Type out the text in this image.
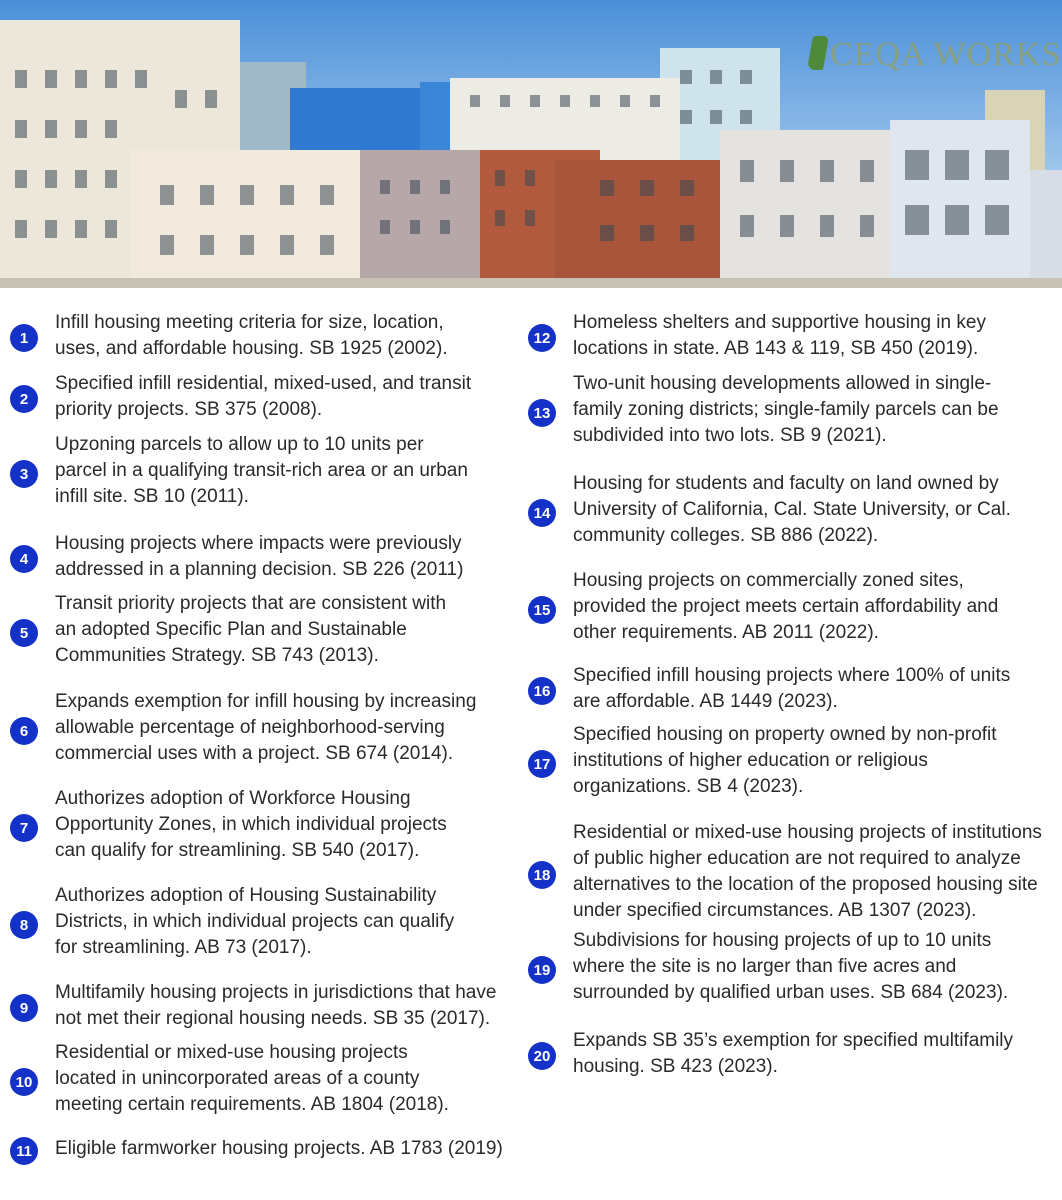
CEQA WORKS
1
Infill housing meeting criteria for size, location,
uses, and affordable housing. SB 1925 (2002).
2
Specified infill residential, mixed-used, and transit
priority projects. SB 375 (2008).
3
Upzoning parcels to allow up to 10 units per
parcel in a qualifying transit-rich area or an urban
infill site. SB 10 (2011).
4
Housing projects where impacts were previously
addressed in a planning decision. SB 226 (2011)
5
Transit priority projects that are consistent with
an adopted Specific Plan and Sustainable
Communities Strategy. SB 743 (2013).
6
Expands exemption for infill housing by increasing
allowable percentage of neighborhood-serving
commercial uses with a project. SB 674 (2014).
7
Authorizes adoption of Workforce Housing
Opportunity Zones, in which individual projects
can qualify for streamlining. SB 540 (2017).
8
Authorizes adoption of Housing Sustainability
Districts, in which individual projects can qualify
for streamlining. AB 73 (2017).
9
Multifamily housing projects in jurisdictions that have
not met their regional housing needs. SB 35 (2017).
10
Residential or mixed-use housing projects
located in unincorporated areas of a county
meeting certain requirements. AB 1804 (2018).
11	Eligible farmworker housing projects. AB 1783 (2019)
12
Homeless shelters and supportive housing in key
locations in state. AB 143 & 119, SB 450 (2019).
13
Two-unit housing developments allowed in single-
family zoning districts; single-family parcels can be
subdivided into two lots. SB 9 (2021).
14
Housing for students and faculty on land owned by
University of California, Cal. State University, or Cal.
community colleges. SB 886 (2022).
15
Housing projects on commercially zoned sites,
provided the project meets certain affordability and
other requirements. AB 2011 (2022).
16
Specified infill housing projects where 100% of units
are affordable. AB 1449 (2023).
17
Specified housing on property owned by non-profit
institutions of higher education or religious
organizations. SB 4 (2023).
18
Residential or mixed-use housing projects of institutions
of public higher education are not required to analyze
alternatives to the location of the proposed housing site
under specified circumstances. AB 1307 (2023).
19
Subdivisions for housing projects of up to 10 units
where the site is no larger than five acres and
surrounded by qualified urban uses. SB 684 (2023).
20
Expands SB 35’s exemption for specified multifamily
housing. SB 423 (2023).
